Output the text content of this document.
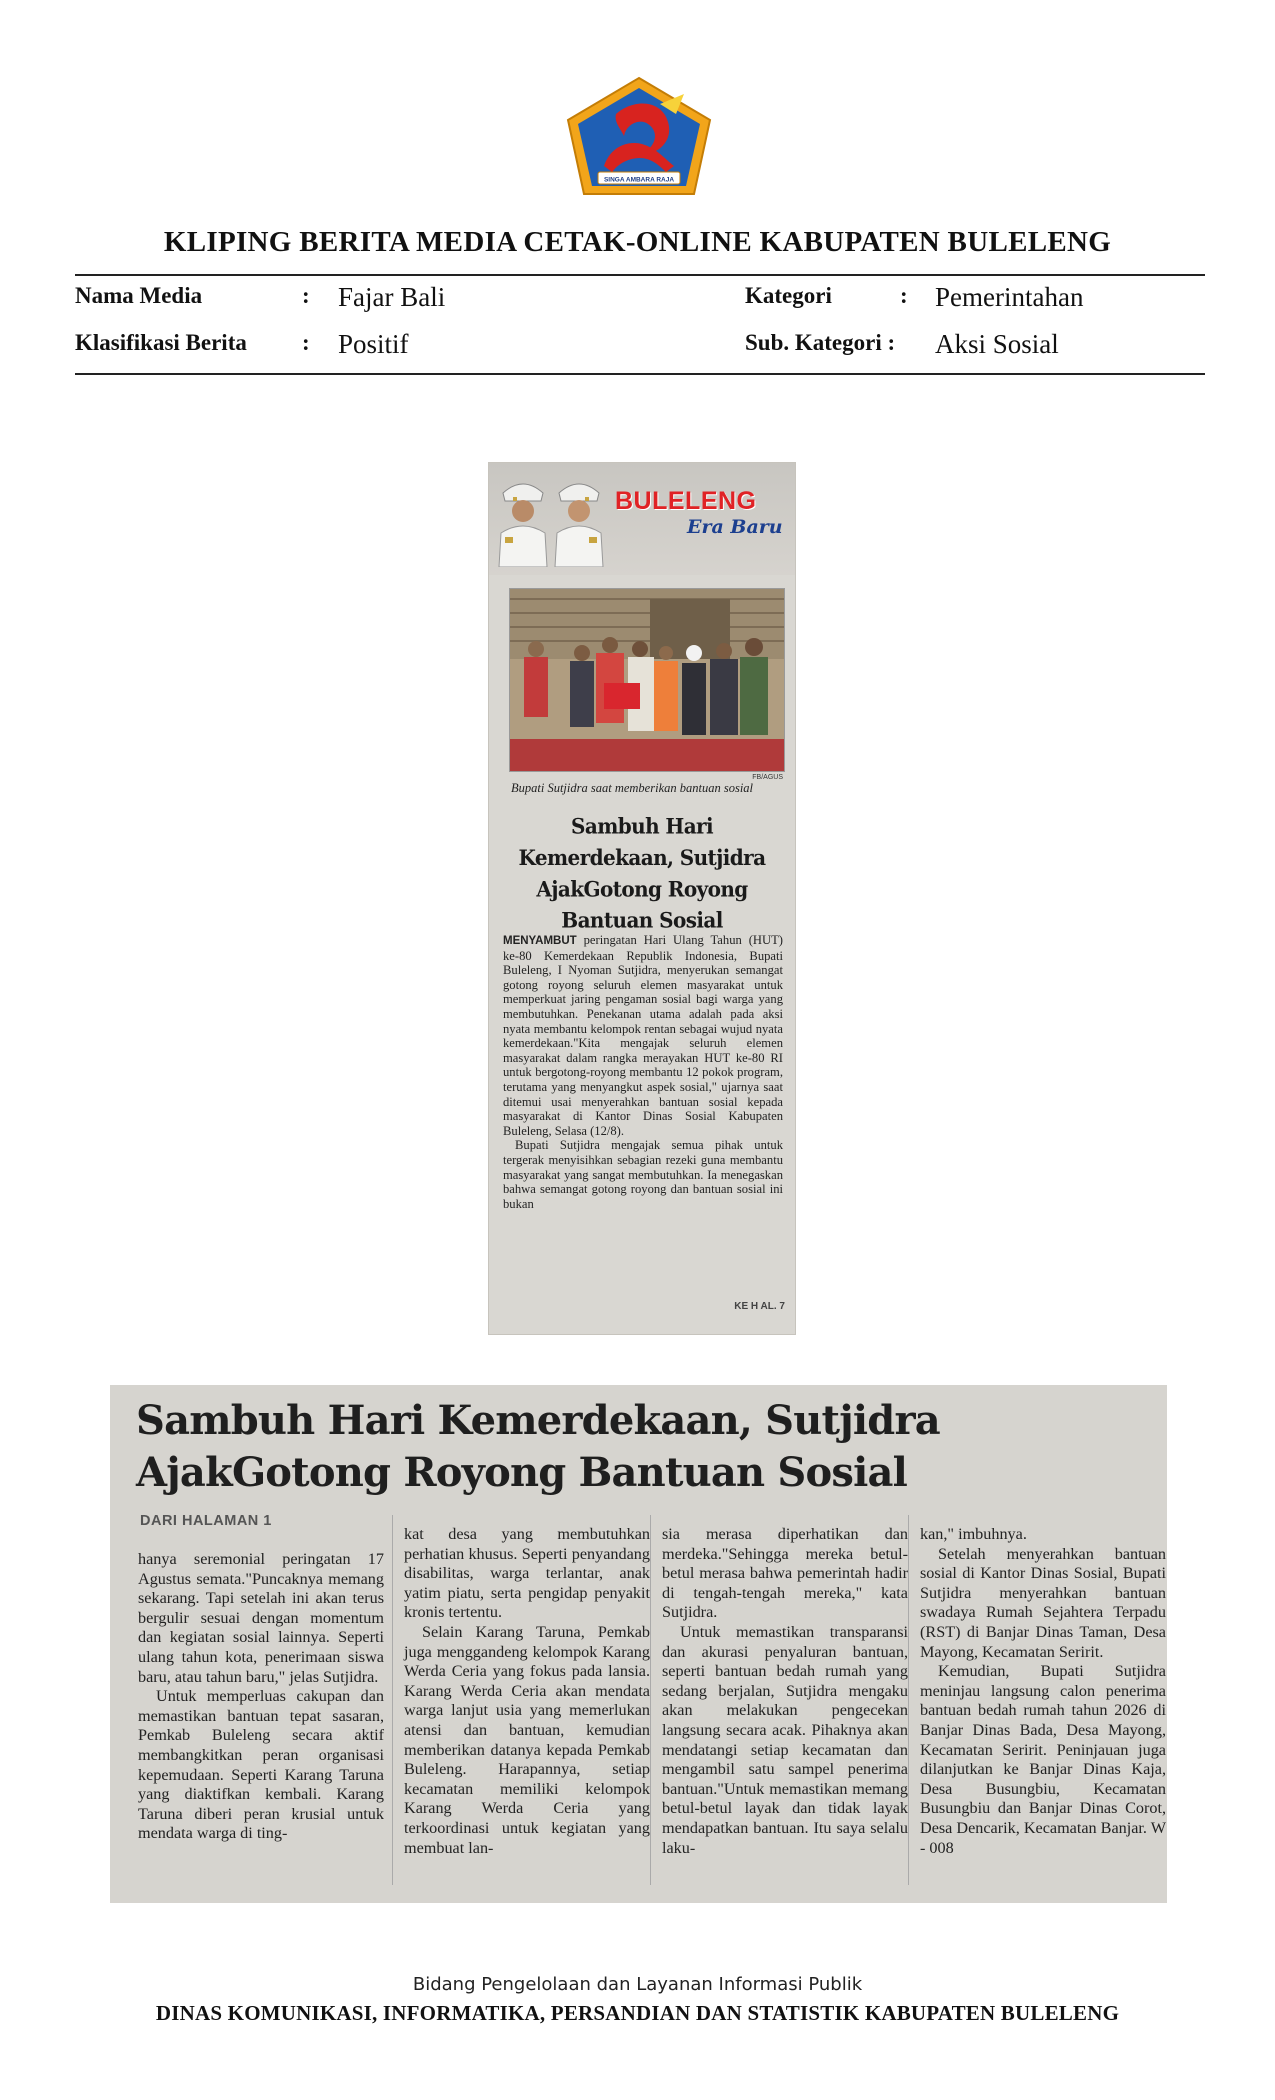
SINGA AMBARA RAJA
KLIPING BERITA MEDIA CETAK-ONLINE KABUPATEN BULELENG
Nama Media	: Fajar Bali	Kategori	: Pemerintahan
Klasifikasi Berita : Positif	Sub. Kategori : Aksi Sosial
BULELENG
Era Baru
FB/AGUS
Bupati Sutjidra saat memberikan bantuan sosial
Sambuh Hari Kemerdekaan, Sutjidra AjakGotong Royong Bantuan Sosial

MENYAMBUT peringatan Hari Ulang Tahun (HUT) ke-80 Kemerdekaan Republik Indonesia, Bupati Buleleng, I Nyoman Sutjidra, menyerukan semangat gotong royong seluruh elemen masyarakat untuk memperkuat jaring pengaman sosial bagi warga yang membutuhkan. Penekanan utama adalah pada aksi nyata membantu kelompok rentan sebagai wujud nyata kemerdekaan."Kita mengajak seluruh elemen masyarakat dalam rangka merayakan HUT ke-80 RI untuk bergotong-royong membantu 12 pokok program, terutama yang menyangkut aspek sosial," ujarnya saat ditemui usai menyerahkan bantuan sosial kepada masyarakat di Kantor Dinas Sosial Kabupaten Buleleng, Selasa (12/8).

Bupati Sutjidra mengajak semua pihak untuk tergerak menyisihkan sebagian rezeki guna membantu masyarakat yang sangat membutuhkan. Ia menegaskan bahwa semangat gotong royong dan bantuan sosial ini bukan

KE H AL. 7
Sambuh Hari Kemerdekaan, Sutjidra
AjakGotong Royong Bantuan Sosial
DARI HALAMAN 1

hanya seremonial peringatan 17 Agustus semata."Puncaknya memang sekarang. Tapi setelah ini akan terus bergulir sesuai dengan momentum dan kegiatan sosial lainnya. Seperti ulang tahun kota, penerimaan siswa baru, atau tahun baru," jelas Sutjidra.

Untuk memperluas cakupan dan memastikan bantuan tepat sasaran, Pemkab Buleleng secara aktif membangkitkan peran organisasi kepemudaan. Seperti Karang Taruna yang diaktifkan kembali. Karang Taruna diberi peran krusial untuk mendata warga di ting-

kat desa yang membutuhkan perhatian khusus. Seperti penyandang disabilitas, warga terlantar, anak yatim piatu, serta pengidap penyakit kronis tertentu.

Selain Karang Taruna, Pemkab juga menggandeng kelompok Karang Werda Ceria yang fokus pada lansia. Karang Werda Ceria akan mendata warga lanjut usia yang memerlukan atensi dan bantuan, kemudian memberikan datanya kepada Pemkab Buleleng. Harapannya, setiap kecamatan memiliki kelompok Karang Werda Ceria yang terkoordinasi untuk kegiatan yang membuat lan-

sia merasa diperhatikan dan merdeka."Sehingga mereka betul-betul merasa bahwa pemerintah hadir di tengah-tengah mereka," kata Sutjidra.

Untuk memastikan transparansi dan akurasi penyaluran bantuan, seperti bantuan bedah rumah yang sedang berjalan, Sutjidra mengaku akan melakukan pengecekan langsung secara acak. Pihaknya akan mendatangi setiap kecamatan dan mengambil satu sampel penerima bantuan."Untuk memastikan memang betul-betul layak dan tidak layak mendapatkan bantuan. Itu saya selalu laku-

kan," imbuhnya.

Setelah menyerahkan bantuan sosial di Kantor Dinas Sosial, Bupati Sutjidra menyerahkan bantuan swadaya Rumah Sejahtera Terpadu (RST) di Banjar Dinas Taman, Desa Mayong, Kecamatan Seririt.

Kemudian, Bupati Sutjidra meninjau langsung calon penerima bantuan bedah rumah tahun 2026 di Banjar Dinas Bada, Desa Mayong, Kecamatan Seririt. Peninjauan juga dilanjutkan ke Banjar Dinas Kaja, Desa Busungbiu, Kecamatan Busungbiu dan Banjar Dinas Corot, Desa Dencarik, Kecamatan Banjar. W - 008

Bidang Pengelolaan dan Layanan Informasi Publik
DINAS KOMUNIKASI, INFORMATIKA, PERSANDIAN DAN STATISTIK KABUPATEN BULELENG
